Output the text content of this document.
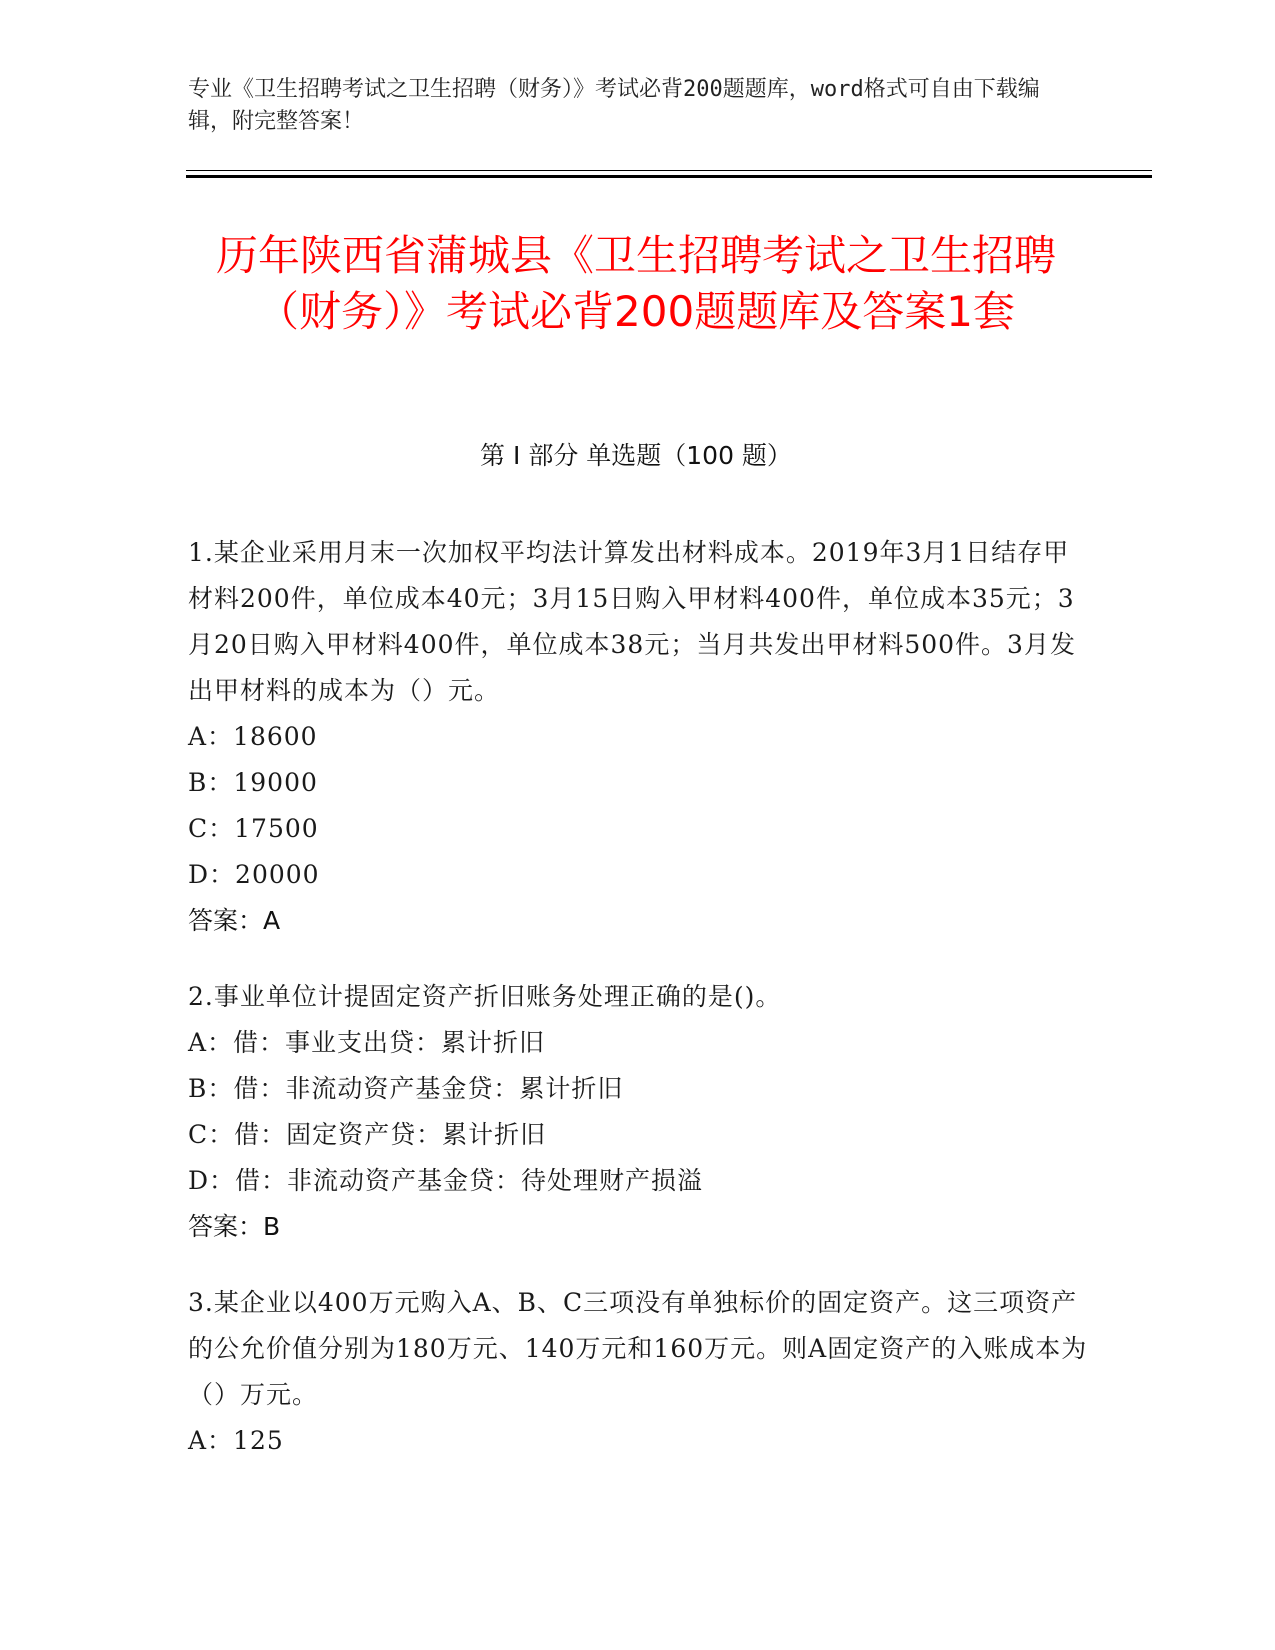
专业《卫生招聘考试之卫生招聘（财务）》考试必背200题题库，word格式可自由下载编辑，附完整答案！
历年陕西省蒲城县《卫生招聘考试之卫生招聘（财务）》考试必背200题题库及答案1套
第 I 部分 单选题（100 题）
1.某企业采用月末一次加权平均法计算发出材料成本。2019年3月1日结存甲材料200件，单位成本40元；3月15日购入甲材料400件，单位成本35元；3月20日购入甲材料400件，单位成本38元；当月共发出甲材料500件。3月发出甲材料的成本为（）元。
A：18600
B：19000
C：17500
D：20000
答案：A
2.事业单位计提固定资产折旧账务处理正确的是()。
A：借：事业支出贷：累计折旧
B：借：非流动资产基金贷：累计折旧
C：借：固定资产贷：累计折旧
D：借：非流动资产基金贷：待处理财产损溢
答案：B
3.某企业以400万元购入A、B、C三项没有单独标价的固定资产。这三项资产的公允价值分别为180万元、140万元和160万元。则A固定资产的入账成本为（）万元。
A：125
